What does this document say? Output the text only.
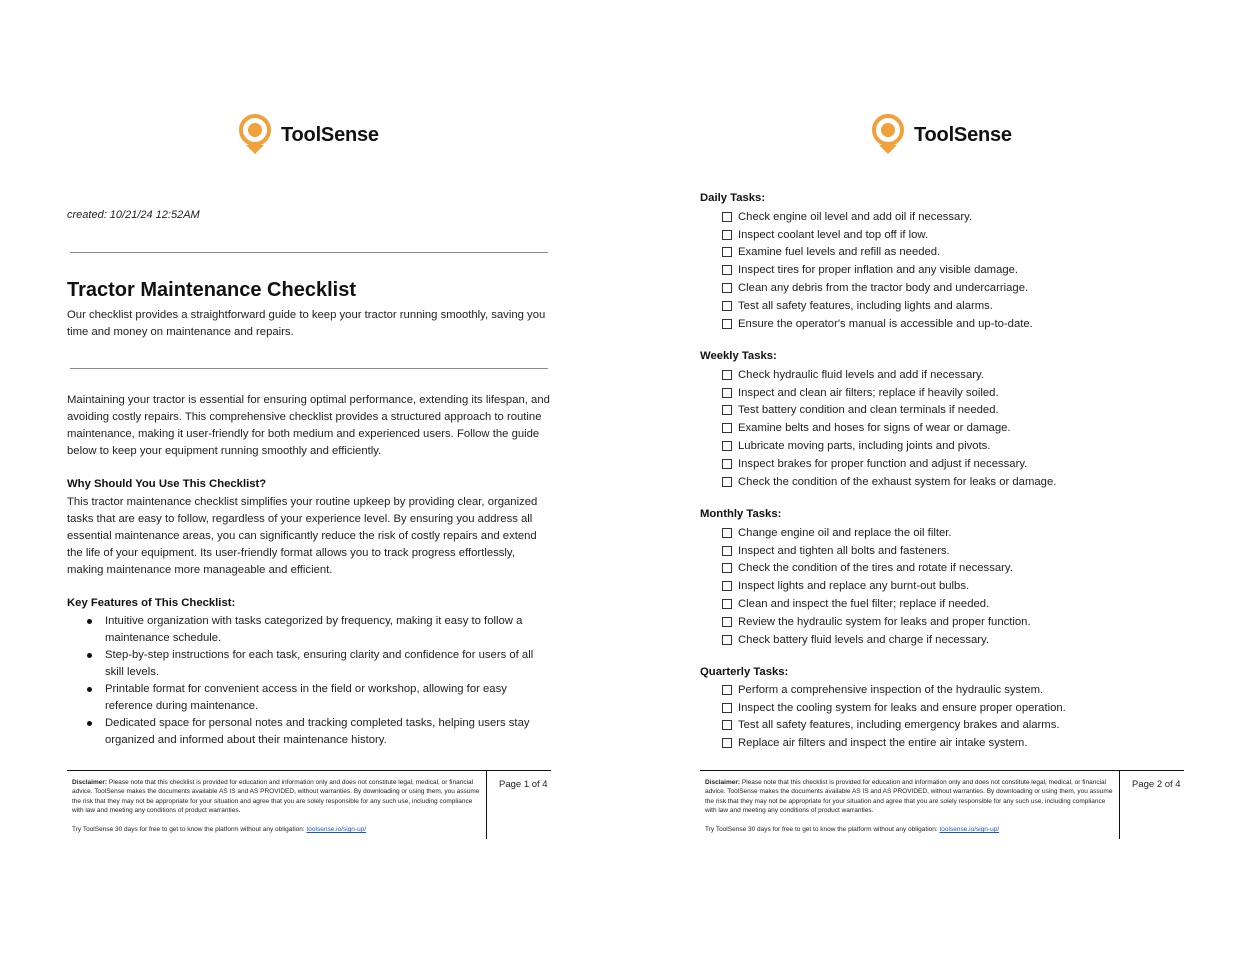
ToolSense
created: 10/21/24 12:52AM
Tractor Maintenance Checklist
Our checklist provides a straightforward guide to keep your tractor running smoothly, saving you time and money on maintenance and repairs.
Maintaining your tractor is essential for ensuring optimal performance, extending its lifespan, and avoiding costly repairs. This comprehensive checklist provides a structured approach to routine maintenance, making it user-friendly for both medium and experienced users. Follow the guide below to keep your equipment running smoothly and efficiently.
Why Should You Use This Checklist?
This tractor maintenance checklist simplifies your routine upkeep by providing clear, organized tasks that are easy to follow, regardless of your experience level. By ensuring you address all essential maintenance areas, you can significantly reduce the risk of costly repairs and extend the life of your equipment. Its user-friendly format allows you to track progress effortlessly, making maintenance more manageable and efficient.
Key Features of This Checklist:
Intuitive organization with tasks categorized by frequency, making it easy to follow a maintenance schedule.
Step-by-step instructions for each task, ensuring clarity and confidence for users of all skill levels.
Printable format for convenient access in the field or workshop, allowing for easy reference during maintenance.
Dedicated space for personal notes and tracking completed tasks, helping users stay organized and informed about their maintenance history.
Disclaimer: Please note that this checklist is provided for education and information only and does not constitute legal, medical, or financial advice. ToolSense makes the documents available AS IS and AS PROVIDED, without warranties. By downloading or using them, you assume the risk that they may not be appropriate for your situation and agree that you are solely responsible for any such use, including compliance with law and meeting any conditions of product warranties.
Try ToolSense 30 days for free to get to know the platform without any obligation: toolsense.io/sign-up/
Page 1 of 4
ToolSense
Daily Tasks:
Check engine oil level and add oil if necessary.
Inspect coolant level and top off if low.
Examine fuel levels and refill as needed.
Inspect tires for proper inflation and any visible damage.
Clean any debris from the tractor body and undercarriage.
Test all safety features, including lights and alarms.
Ensure the operator's manual is accessible and up-to-date.
Weekly Tasks:
Check hydraulic fluid levels and add if necessary.
Inspect and clean air filters; replace if heavily soiled.
Test battery condition and clean terminals if needed.
Examine belts and hoses for signs of wear or damage.
Lubricate moving parts, including joints and pivots.
Inspect brakes for proper function and adjust if necessary.
Check the condition of the exhaust system for leaks or damage.
Monthly Tasks:
Change engine oil and replace the oil filter.
Inspect and tighten all bolts and fasteners.
Check the condition of the tires and rotate if necessary.
Inspect lights and replace any burnt-out bulbs.
Clean and inspect the fuel filter; replace if needed.
Review the hydraulic system for leaks and proper function.
Check battery fluid levels and charge if necessary.
Quarterly Tasks:
Perform a comprehensive inspection of the hydraulic system.
Inspect the cooling system for leaks and ensure proper operation.
Test all safety features, including emergency brakes and alarms.
Replace air filters and inspect the entire air intake system.
Disclaimer: Please note that this checklist is provided for education and information only and does not constitute legal, medical, or financial advice. ToolSense makes the documents available AS IS and AS PROVIDED, without warranties. By downloading or using them, you assume the risk that they may not be appropriate for your situation and agree that you are solely responsible for any such use, including compliance with law and meeting any conditions of product warranties.
Try ToolSense 30 days for free to get to know the platform without any obligation: toolsense.io/sign-up/
Page 2 of 4
